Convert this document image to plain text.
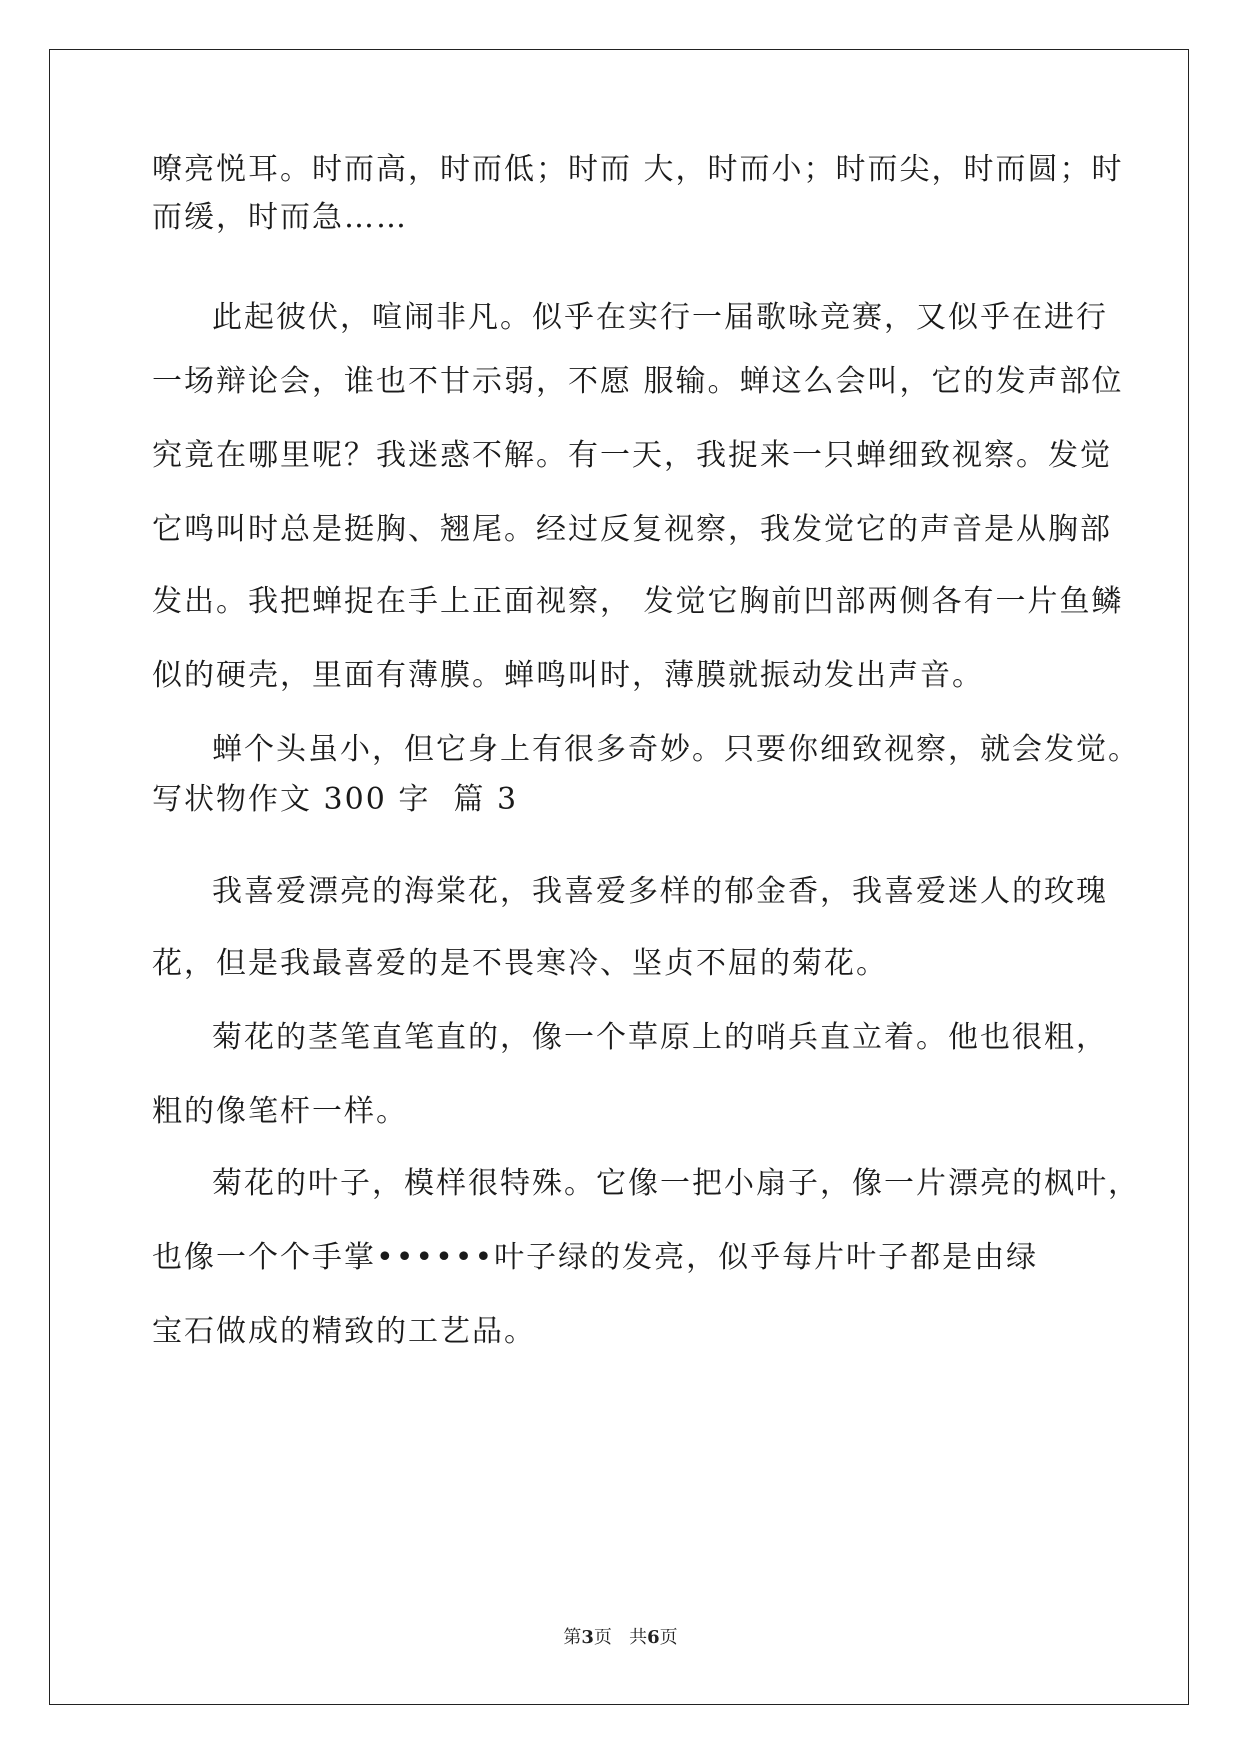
嘹亮悦耳。时而高，时而低；时而 大，时而小；时而尖，时而圆；时
而缓，时而急……
此起彼伏，喧闹非凡。似乎在实行一届歌咏竞赛，又似乎在进行
一场辩论会，谁也不甘示弱，不愿 服输。蝉这么会叫，它的发声部位
究竟在哪里呢？我迷惑不解。有一天，我捉来一只蝉细致视察。发觉
它鸣叫时总是挺胸、翘尾。经过反复视察，我发觉它的声音是从胸部
发出。我把蝉捉在手上正面视察， 发觉它胸前凹部两侧各有一片鱼鳞
似的硬壳，里面有薄膜。蝉鸣叫时，薄膜就振动发出声音。
蝉个头虽小，但它身上有很多奇妙。只要你细致视察，就会发觉。
写状物作文 300 字  篇 3
我喜爱漂亮的海棠花，我喜爱多样的郁金香，我喜爱迷人的玫瑰
花，但是我最喜爱的是不畏寒冷、坚贞不屈的菊花。
菊花的茎笔直笔直的，像一个草原上的哨兵直立着。他也很粗，
粗的像笔杆一样。
菊花的叶子，模样很特殊。它像一把小扇子，像一片漂亮的枫叶，
也像一个个手掌••••••叶子绿的发亮，似乎每片叶子都是由绿
宝石做成的精致的工艺品。
第3页   共6页
